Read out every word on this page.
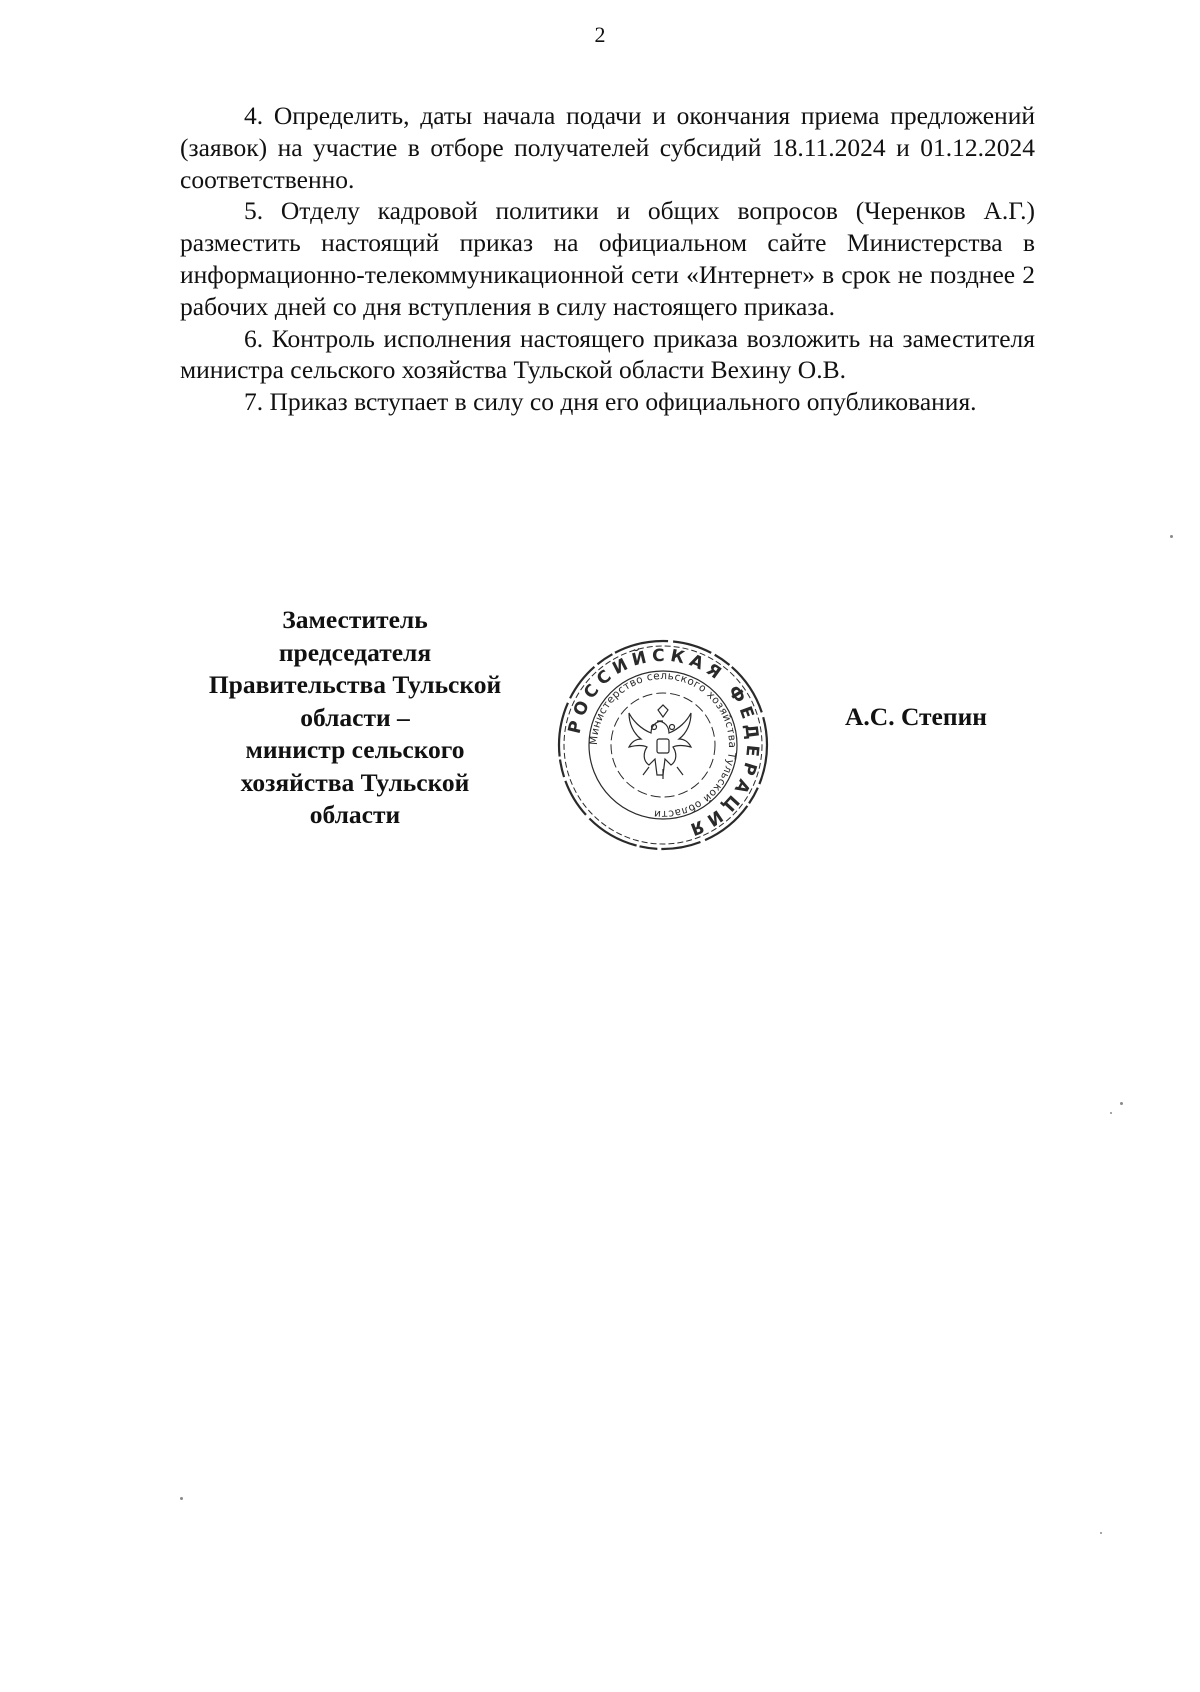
2

4. Определить, даты начала подачи и окончания приема предложений (заявок) на участие в отборе получателей субсидий 18.11.2024 и 01.12.2024 соответственно.

5. Отделу кадровой политики и общих вопросов (Черенков А.Г.) разместить настоящий приказ на официальном сайте Министерства в информационно-телекоммуникационной сети «Интернет» в срок не позднее 2 рабочих дней со дня вступления в силу настоящего приказа.

6. Контроль исполнения настоящего приказа возложить на заместителя министра сельского хозяйства Тульской области Вехину О.В.

7. Приказ вступает в силу со дня его официального опубликования.

Заместитель
председателя
Правительства Тульской
области –
министр сельского
хозяйства Тульской
области
РОССИЙСКАЯ ФЕДЕРАЦИЯ
Министерство сельского хозяйства Тульской области
А.С. Степин
